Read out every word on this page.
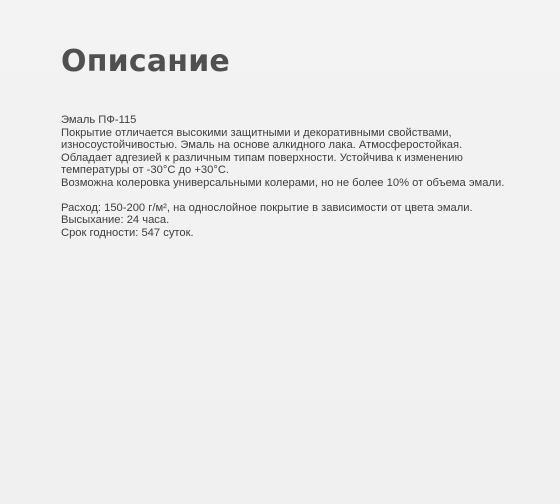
Описание

Эмаль ПФ-115

Покрытие отличается высокими защитными и декоративными свойствами, износоустойчивостью. Эмаль на основе алкидного лака. Атмосферостойкая.

Обладает адгезией к различным типам поверхности. Устойчива к изменению температуры от -30°С до +30°С.

Возможна колеровка универсальными колерами, но не более 10% от объема эмали.

Расход: 150-200 г/м², на однослойное покрытие в зависимости от цвета эмали.

Высыхание: 24 часа.

Срок годности: 547 суток.
